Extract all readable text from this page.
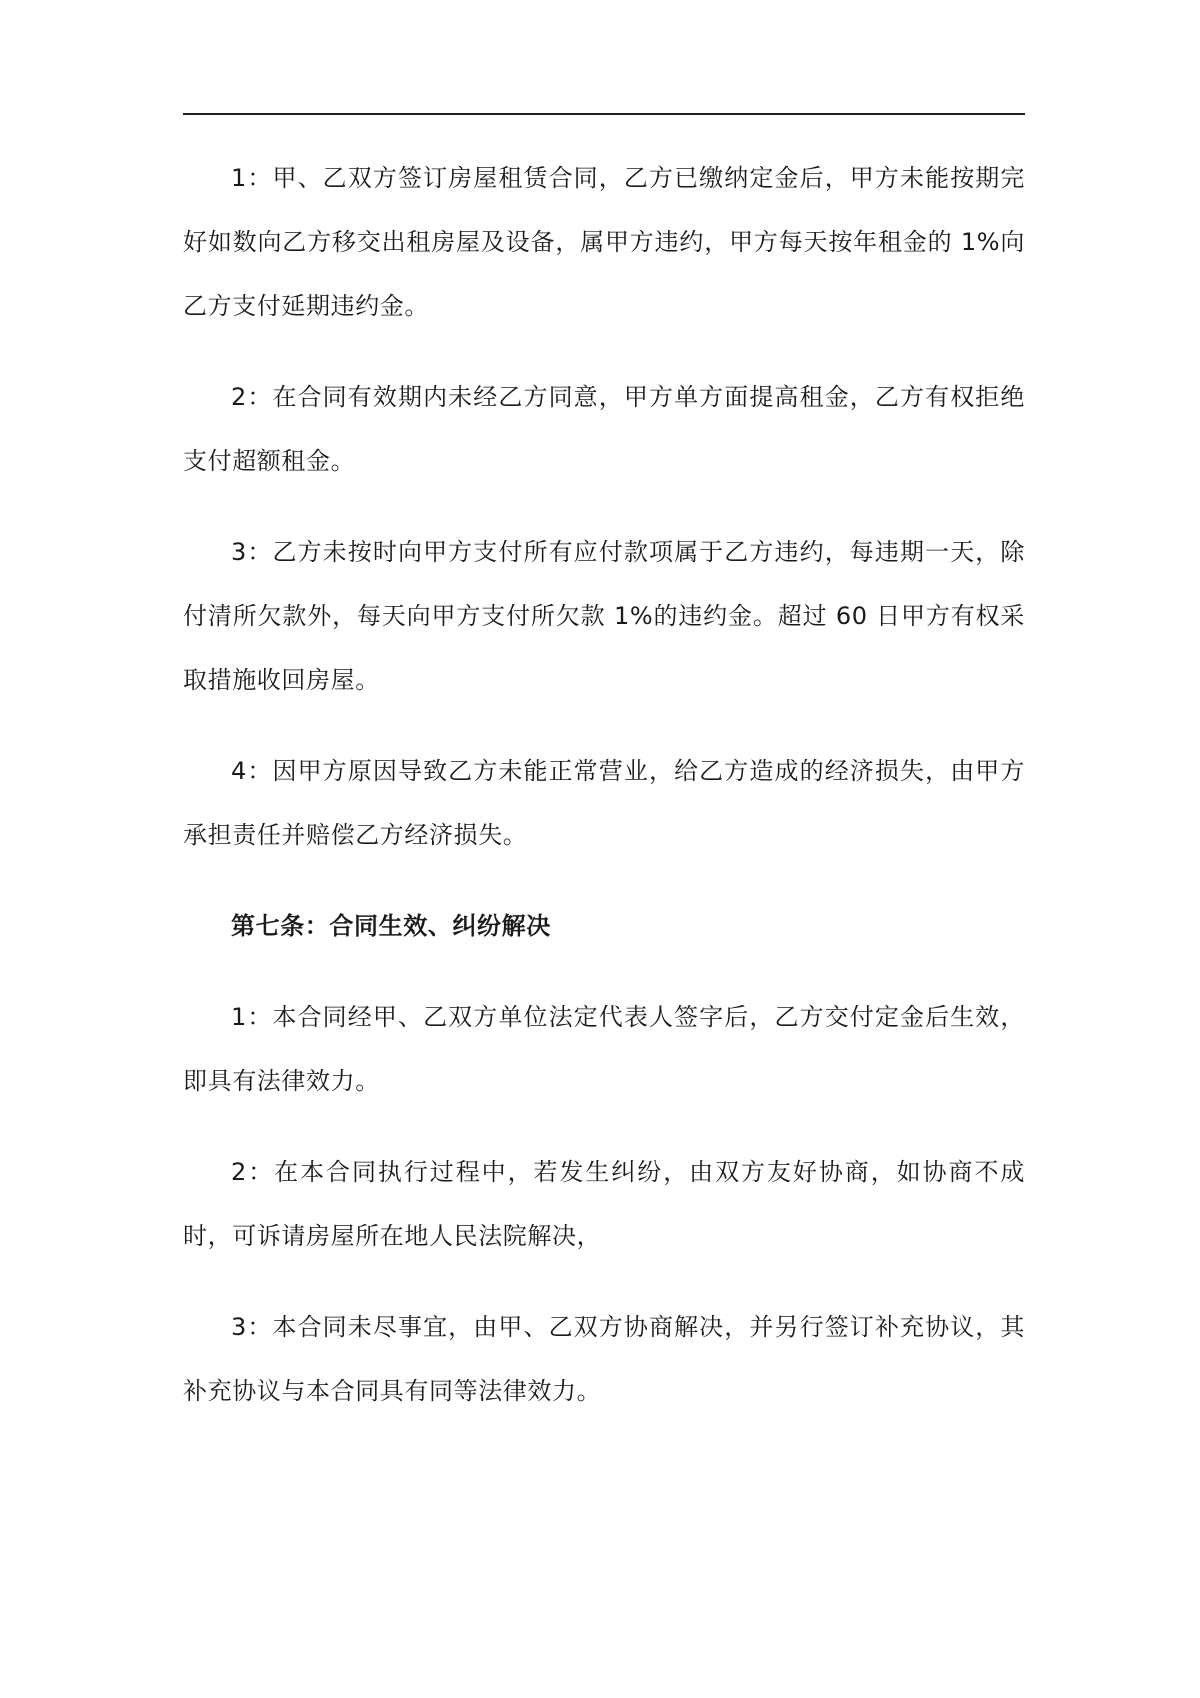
1：甲、乙双方签订房屋租赁合同，乙方已缴纳定金后，甲方未能按期完好如数向乙方移交出租房屋及设备，属甲方违约，甲方每天按年租金的 1%向乙方支付延期违约金。

2：在合同有效期内未经乙方同意，甲方单方面提高租金，乙方有权拒绝支付超额租金。

3：乙方未按时向甲方支付所有应付款项属于乙方违约，每违期一天，除付清所欠款外，每天向甲方支付所欠款 1%的违约金。超过 60 日甲方有权采取措施收回房屋。

4：因甲方原因导致乙方未能正常营业，给乙方造成的经济损失，由甲方承担责任并赔偿乙方经济损失。

第七条：合同生效、纠纷解决

1：本合同经甲、乙双方单位法定代表人签字后，乙方交付定金后生效，即具有法律效力。

2：在本合同执行过程中，若发生纠纷，由双方友好协商，如协商不成时，可诉请房屋所在地人民法院解决，

3：本合同未尽事宜，由甲、乙双方协商解决，并另行签订补充协议，其补充协议与本合同具有同等法律效力。
